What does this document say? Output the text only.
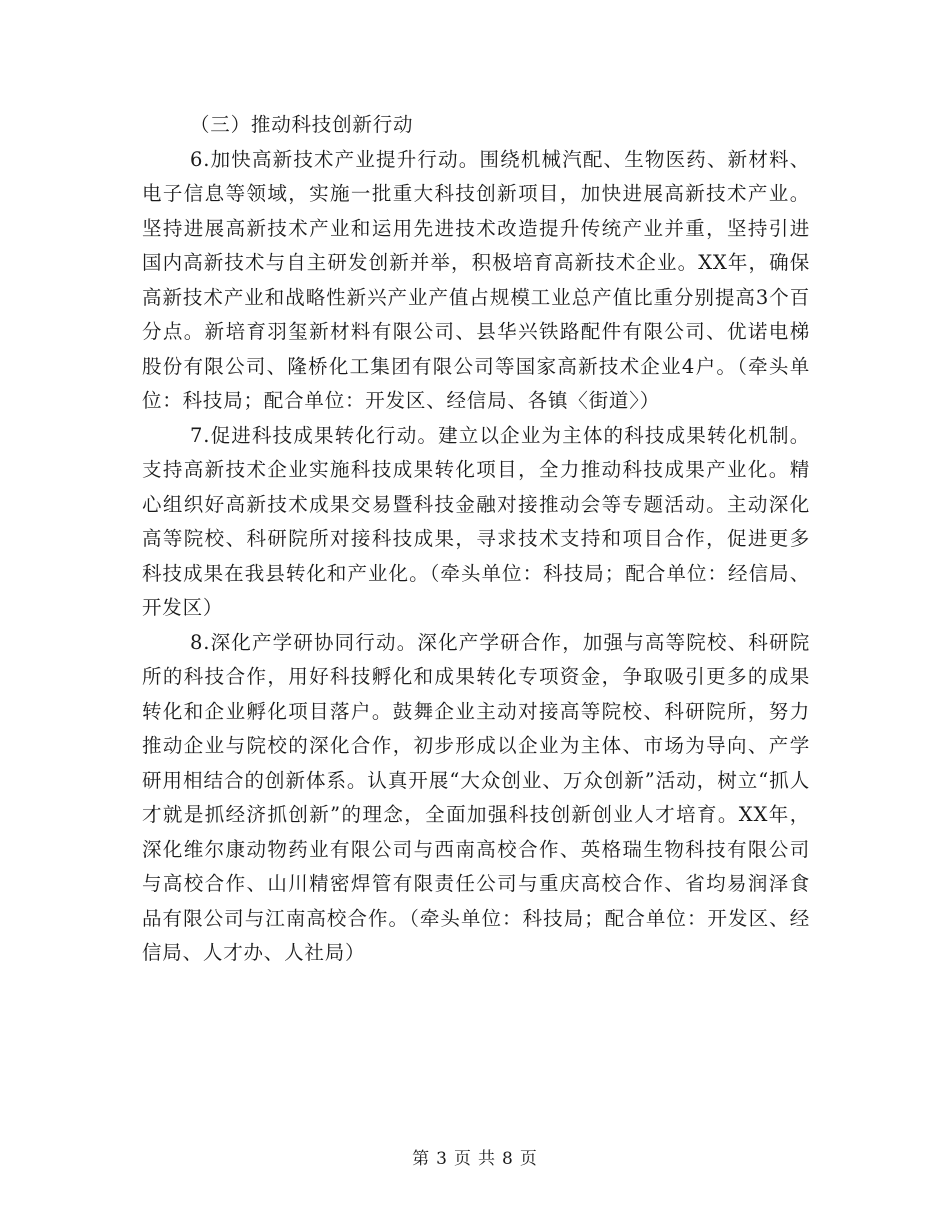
（三）推动科技创新行动

6.加快高新技术产业提升行动。围绕机械汽配、生物医药、新材料、电子信息等领域，实施一批重大科技创新项目，加快进展高新技术产业。坚持进展高新技术产业和运用先进技术改造提升传统产业并重，坚持引进国内高新技术与自主研发创新并举，积极培育高新技术企业。XX年，确保高新技术产业和战略性新兴产业产值占规模工业总产值比重分别提高3个百分点。新培育羽玺新材料有限公司、县华兴铁路配件有限公司、优诺电梯股份有限公司、隆桥化工集团有限公司等国家高新技术企业4户。（牵头单位：科技局；配合单位：开发区、经信局、各镇〈街道〉）

7.促进科技成果转化行动。建立以企业为主体的科技成果转化机制。支持高新技术企业实施科技成果转化项目，全力推动科技成果产业化。精心组织好高新技术成果交易暨科技金融对接推动会等专题活动。主动深化高等院校、科研院所对接科技成果，寻求技术支持和项目合作，促进更多科技成果在我县转化和产业化。（牵头单位：科技局；配合单位：经信局、开发区）

8.深化产学研协同行动。深化产学研合作，加强与高等院校、科研院所的科技合作，用好科技孵化和成果转化专项资金，争取吸引更多的成果转化和企业孵化项目落户。鼓舞企业主动对接高等院校、科研院所，努力推动企业与院校的深化合作，初步形成以企业为主体、市场为导向、产学研用相结合的创新体系。认真开展“大众创业、万众创新”活动，树立“抓人才就是抓经济抓创新”的理念，全面加强科技创新创业人才培育。XX年，深化维尔康动物药业有限公司与西南高校合作、英格瑞生物科技有限公司与高校合作、山川精密焊管有限责任公司与重庆高校合作、省均易润泽食品有限公司与江南高校合作。（牵头单位：科技局；配合单位：开发区、经信局、人才办、人社局）

第 3 页 共 8 页
